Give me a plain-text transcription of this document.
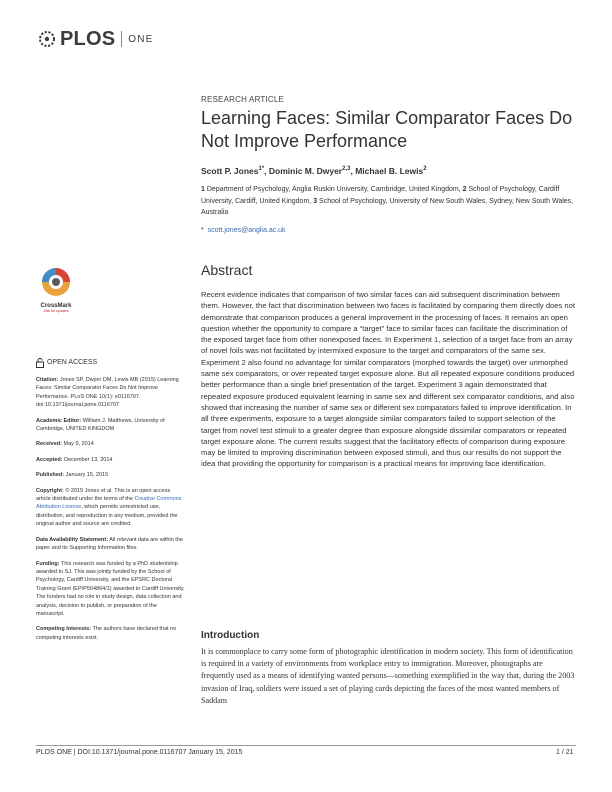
PLOS ONE
RESEARCH ARTICLE
Learning Faces: Similar Comparator Faces Do Not Improve Performance
Scott P. Jones$^{1*}$, Dominic M. Dwyer$^{2,3}$, Michael B. Lewis$^2$
1 Department of Psychology, Anglia Ruskin University, Cambridge, United Kingdom, 2 School of Psychology, Cardiff University, Cardiff, United Kingdom, 3 School of Psychology, University of New South Wales, Sydney, New South Wales, Australia
* scott.jones@anglia.ac.uk
CrossMark
click for updates
OPEN ACCESS
Citation: Jones SP, Dwyer DM, Lewis MB (2015) Learning Faces: Similar Comparator Faces Do Not Improve Performance. PLoS ONE 10(1): e0116707. doi:10.1371/journal.pone.0116707
Academic Editor: William J. Matthews, University of Cambridge, UNITED KINGDOM
Received: May 9, 2014
Accepted: December 13, 2014
Published: January 15, 2015
Copyright: © 2015 Jones et al. This is an open access article distributed under the terms of the Creative Commons Attribution License, which permits unrestricted use, distribution, and reproduction in any medium, provided the original author and source are credited.
Data Availability Statement: All relevant data are within the paper and its Supporting Information files.
Funding: This research was funded by a PhD studentship awarded to SJ. This was jointly funded by the School of Psychology, Cardiff University, and the EPSRC Doctoral Training Grant (EP/P504864/1) awarded to Cardiff University. The funders had no role in study design, data collection and analysis, decision to publish, or preparation of the manuscript.
Competing Interests: The authors have declared that no competing interests exist.
Abstract
Recent evidence indicates that comparison of two similar faces can aid subsequent discrimination between them. However, the fact that discrimination between two faces is facilitated by comparing them directly does not demonstrate that comparison produces a general improvement in the processing of faces. It remains an open question whether the opportunity to compare a “target” face to similar faces can facilitate the discrimination of the exposed target face from other nonexposed faces. In Experiment 1, selection of a target face from an array of novel foils was not facilitated by intermixed exposure to the target and comparators of the same sex. Experiment 2 also found no advantage for similar comparators (morphed towards the target) over unmorphed same sex comparators, or over repeated target exposure alone. But all repeated exposure conditions produced better performance than a single brief presentation of the target. Experiment 3 again demonstrated that repeated exposure produced equivalent learning in same sex and different sex comparator conditions, and also showed that increasing the number of same sex or different sex comparators failed to improve identification. In all three experiments, exposure to a target alongside similar comparators failed to support selection of the target from novel test stimuli to a greater degree than exposure alongside dissimilar comparators or repeated target exposure alone. The current results suggest that the facilitatory effects of comparison during exposure may be limited to improving discrimination between exposed stimuli, and thus our results do not support the idea that providing the opportunity for comparison is a practical means for improving face identification.
Introduction
It is commonplace to carry some form of photographic identification in modern society. This form of identification is required in a variety of environments from workplace entry to immigration. Moreover, photographs are frequently used as a means of identifying wanted persons—something exemplified in the way that, during the 2003 invasion of Iraq, soldiers were issued a set of playing cards depicting the faces of the most wanted members of Saddam
PLOS ONE | DOI:10.1371/journal.pone.0116707 January 15, 2015	1 / 21
